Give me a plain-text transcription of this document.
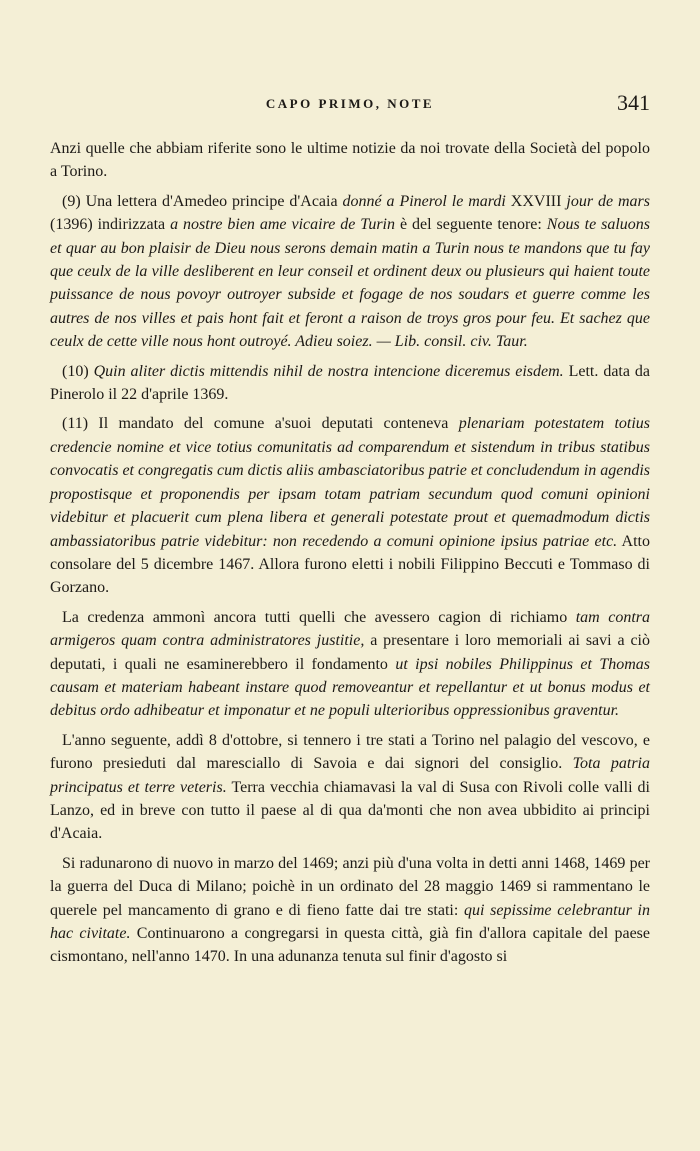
CAPO PRIMO, NOTE	341

Anzi quelle che abbiam riferite sono le ultime notizie da noi trovate della Società del popolo a Torino.

(9) Una lettera d'Amedeo principe d'Acaia donné a Pinerol le mardi XXVIII jour de mars (1396) indirizzata a nostre bien ame vicaire de Turin è del seguente tenore: Nous te saluons et quar au bon plaisir de Dieu nous serons demain matin a Turin nous te mandons que tu fay que ceulx de la ville desliberent en leur conseil et ordinent deux ou plusieurs qui haient toute puissance de nous povoyr outroyer subside et fogage de nos soudars et guerre comme les autres de nos villes et pais hont fait et feront a raison de troys gros pour feu. Et sachez que ceulx de cette ville nous hont outroyé. Adieu soiez. — Lib. consil. civ. Taur.

(10) Quin aliter dictis mittendis nihil de nostra intencione diceremus eisdem. Lett. data da Pinerolo il 22 d'aprile 1369.

(11) Il mandato del comune a'suoi deputati conteneva plenariam potestatem totius credencie nomine et vice totius comunitatis ad comparendum et sistendum in tribus statibus convocatis et congregatis cum dictis aliis ambasciatoribus patrie et concludendum in agendis propostisque et proponendis per ipsam totam patriam secundum quod comuni opinioni videbitur et placuerit cum plena libera et generali potestate prout et quemadmodum dictis ambassiatoribus patrie videbitur: non recedendo a comuni opinione ipsius patriae etc. Atto consolare del 5 dicembre 1467. Allora furono eletti i nobili Filippino Beccuti e Tommaso di Gorzano.

La credenza ammonì ancora tutti quelli che avessero cagion di richiamo tam contra armigeros quam contra administratores justitie, a presentare i loro memoriali ai savi a ciò deputati, i quali ne esaminerebbero il fondamento ut ipsi nobiles Philippinus et Thomas causam et materiam habeant instare quod removeantur et repellantur et ut bonus modus et debitus ordo adhibeatur et imponatur et ne populi ulterioribus oppressionibus graventur.

L'anno seguente, addì 8 d'ottobre, si tennero i tre stati a Torino nel palagio del vescovo, e furono presieduti dal maresciallo di Savoia e dai signori del consiglio. Tota patria principatus et terre veteris. Terra vecchia chiamavasi la val di Susa con Rivoli colle valli di Lanzo, ed in breve con tutto il paese al di qua da'monti che non avea ubbidito ai principi d'Acaia.

Si radunarono di nuovo in marzo del 1469; anzi più d'una volta in detti anni 1468, 1469 per la guerra del Duca di Milano; poichè in un ordinato del 28 maggio 1469 si rammentano le querele pel mancamento di grano e di fieno fatte dai tre stati: qui sepissime celebrantur in hac civitate. Continuarono a congregarsi in questa città, già fin d'allora capitale del paese cismontano, nell'anno 1470. In una adunanza tenuta sul finir d'agosto si
